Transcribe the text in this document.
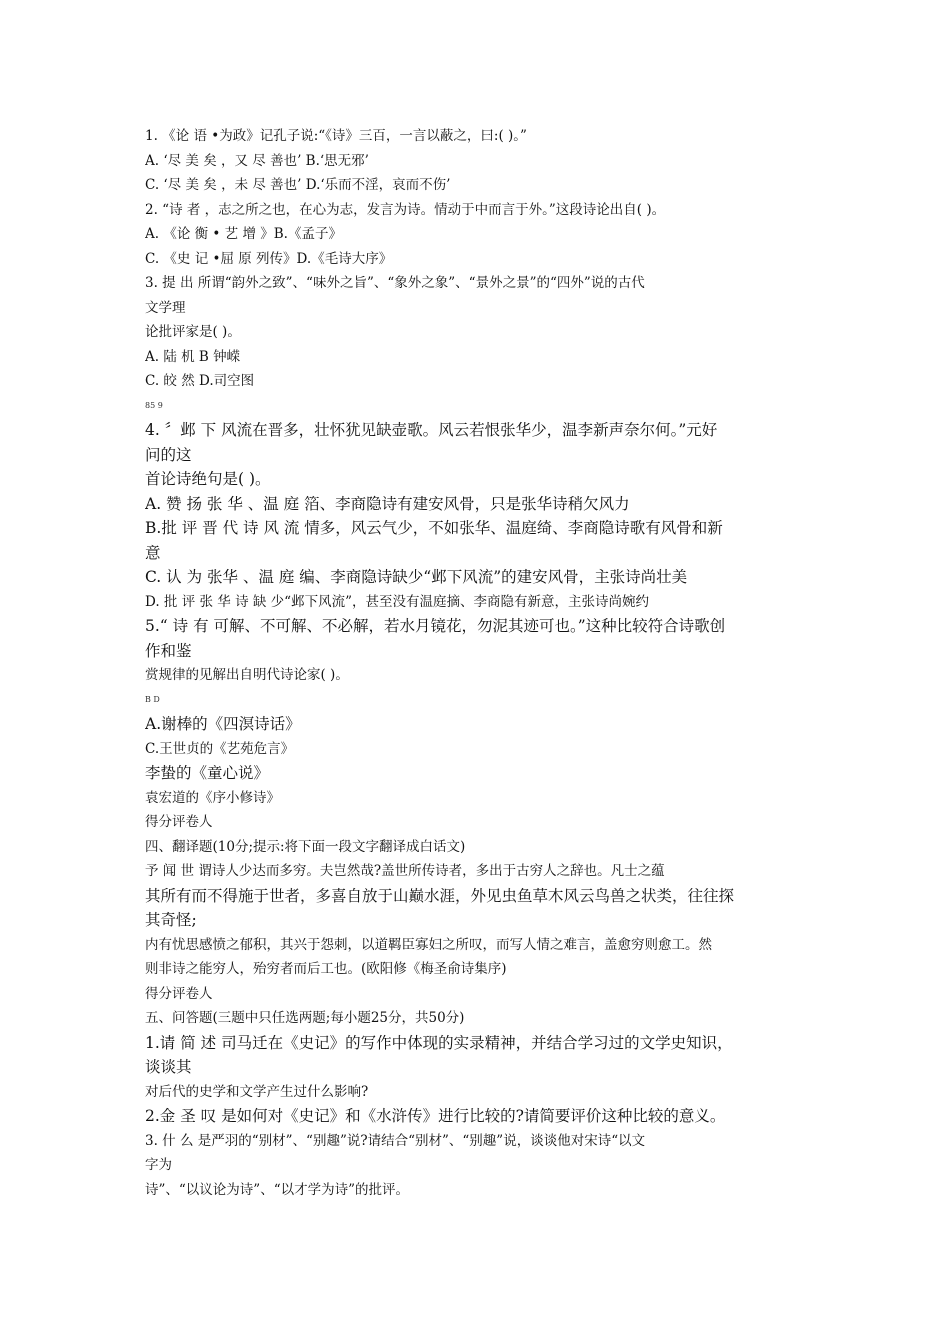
1. 《论 语 •为政》记孔子说:“《诗》三百，一言以蔽之，曰:( )。”

A. ‘尽 美 矣 ，又 尽 善也’ B.‘思无邪’

C. ‘尽 美 矣 ，未 尽 善也’ D.‘乐而不淫，哀而不伤’

2. “诗 者 ，志之所之也，在心为志，发言为诗。情动于中而言于外。”这段诗论出自( )。

A. 《论 衡 • 艺 增 》B.《孟子》

C. 《史 记 •屈 原 列传》D.《毛诗大序》

3. 提 出 所谓“韵外之致”、“味外之旨”、“象外之象”、“景外之景”的“四外”说的古代

文学理

论批评家是( )。

A. 陆 机 B 钟嵘

C. 皎 然 D.司空图

85 9

4. 〞邺 下 风流在晋多，壮怀犹见缺壶歌。风云若恨张华少，温李新声奈尔何。”元好

问的这

首论诗绝句是( )。

A. 赞 扬 张 华 、温 庭 箔、李商隐诗有建安风骨，只是张华诗稍欠风力

B.批 评 晋 代 诗 风 流 情多，风云气少，不如张华、温庭绮、李商隐诗歌有风骨和新

意

C. 认 为 张华 、温 庭 编、李商隐诗缺少“邺下风流”的建安风骨，主张诗尚壮美

D. 批 评 张 华 诗 缺 少“邺下风流”，甚至没有温庭摘、李商隐有新意，主张诗尚婉约

5.“ 诗 有 可解、不可解、不必解，若水月镜花，勿泥其迹可也。”这种比较符合诗歌创

作和鉴

赏规律的见解出自明代诗论家( )。

B D

A.谢棒的《四溟诗话》

C.王世贞的《艺苑危言》

李蛰的《童心说》

袁宏道的《序小修诗》

得分评卷人

四、翻译题(10分;提示:将下面一段文字翻译成白话文)

予 闻 世 谓诗人少达而多穷。夫岂然哉?盖世所传诗者，多出于古穷人之辞也。凡士之蕴

其所有而不得施于世者，多喜自放于山巅水涯，外见虫鱼草木风云鸟兽之状类，往往探

其奇怪;

内有忧思感愤之郁积，其兴于怨刺，以道羁臣寡妇之所叹，而写人情之难言，盖愈穷则愈工。然

则非诗之能穷人，殆穷者而后工也。(欧阳修《梅圣俞诗集序)

得分评卷人

五、问答题(三题中只任选两题;每小题25分，共50分)

1.请 简 述 司马迁在《史记》的写作中体现的实录精神，并结合学习过的文学史知识，

谈谈其

对后代的史学和文学产生过什么影响?

2.金 圣 叹 是如何对《史记》和《水浒传》进行比较的?请简要评价这种比较的意义。

3. 什 么 是严羽的“别材”、“别趣”说?请结合“别材”、“别趣”说，谈谈他对宋诗“以文

字为

诗”、“以议论为诗”、“以才学为诗”的批评。
